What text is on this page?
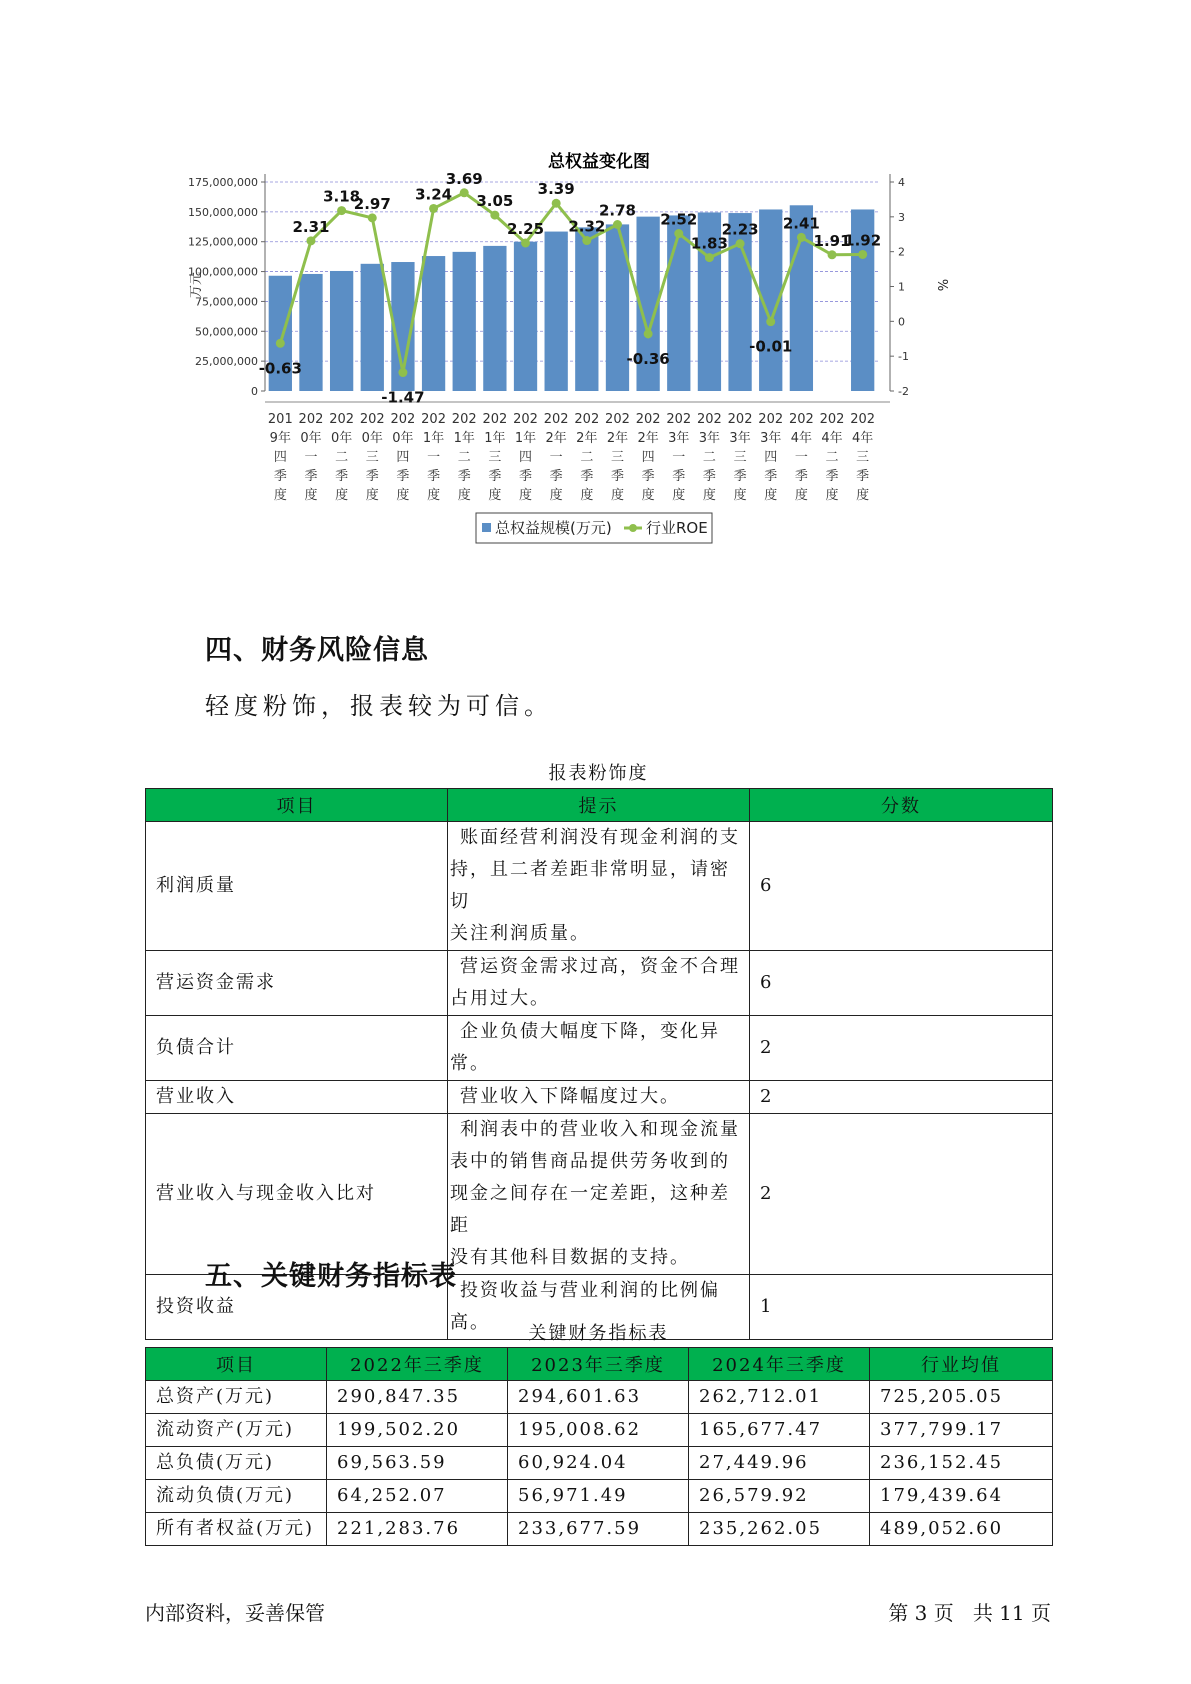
总权益变化图
0
25,000,000
50,000,000
75,000,000
100,000,000
125,000,000
150,000,000
175,000,000
-2
-1
0
1
2
3
4
万元	%
-0.63
2.31
3.18
2.97
-1.47
3.24
3.69
3.05
2.25
3.39
2.32
2.78
-0.36
2.52
1.83
2.23
-0.01
2.41
1.91
1.92
201
9年
四
季
度
202
0年
一
季
度
202
0年
二
季
度
202
0年
三
季
度
202
0年
四
季
度
202
1年
一
季
度
202
1年
二
季
度
202
1年
三
季
度
202
1年
四
季
度
202
2年
一
季
度
202
2年
二
季
度
202
2年
三
季
度
202
2年
四
季
度
202
3年
一
季
度
202
3年
二
季
度
202
3年
三
季
度
202
3年
四
季
度
202
4年
一
季
度
202
4年
二
季
度
202
4年
三
季
度
总权益规模(万元) 行业ROE
四、财务风险信息

轻度粉饰，报表较为可信。

报表粉饰度
项目	提示	分数
利润质量	账面经营利润没有现金利润的支
持，且二者差距非常明显，请密切
关注利润质量。	6
营运资金需求	营运资金需求过高，资金不合理
占用过大。	6
负债合计	企业负债大幅度下降，变化异常。	2
营业收入	营业收入下降幅度过大。	2
营业收入与现金收入比对	利润表中的营业收入和现金流量
表中的销售商品提供劳务收到的
现金之间存在一定差距，这种差距
没有其他科目数据的支持。	2
投资收益	投资收益与营业利润的比例偏高。	1
五、关键财务指标表
关键财务指标表
项目	2022年三季度	2023年三季度	2024年三季度	行业均值
总资产(万元)	290,847.35	294,601.63	262,712.01	725,205.05
流动资产(万元)	199,502.20	195,008.62	165,677.47	377,799.17
总负债(万元)	69,563.59	60,924.04	27,449.96	236,152.45
流动负债(万元)	64,252.07	56,971.49	26,579.92	179,439.64
所有者权益(万元)	221,283.76	233,677.59	235,262.05	489,052.60
内部资料，妥善保管	第 3 页   共 11 页
